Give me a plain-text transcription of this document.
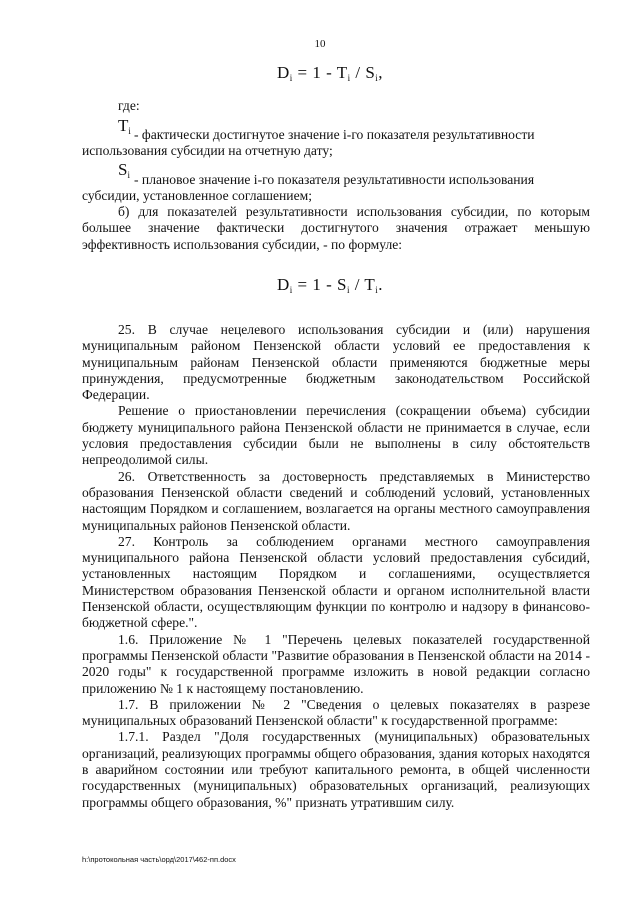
10
$D_i = 1 - T_i / S_i$,
где:
$T_i$ - фактически достигнутое значение i-го показателя результативности

использования субсидии на отчетную дату;

$S_i$ - плановое значение i-го показателя результативности использования

субсидии, установленное соглашением;

б) для показателей результативности использования субсидии, по которым большее значение фактически достигнутого значения отражает меньшую эффективность использования субсидии, - по формуле:

$D_i = 1 - S_i / T_i$.

25. В случае нецелевого использования субсидии и (или) нарушения муниципальным районом Пензенской области условий ее предоставления к муниципальным районам Пензенской области применяются бюджетные меры принуждения, предусмотренные бюджетным законодательством Российской Федерации.

Решение о приостановлении перечисления (сокращении объема) субсидии бюджету муниципального района Пензенской области не принимается в случае, если условия предоставления субсидии были не выполнены в силу обстоятельств непреодолимой силы.

26. Ответственность за достоверность представляемых в Министерство образования Пензенской области сведений и соблюдений условий, установленных настоящим Порядком и соглашением, возлагается на органы местного самоуправления муниципальных районов Пензенской области.

27. Контроль за соблюдением органами местного самоуправления муниципального района Пензенской области условий предоставления субсидий, установленных настоящим Порядком и соглашениями, осуществляется Министерством образования Пензенской области и органом исполнительной власти Пензенской области, осуществляющим функции по контролю и надзору в финансово-бюджетной сфере.".

1.6. Приложение № 1 "Перечень целевых показателей государственной программы Пензенской области "Развитие образования в Пензенской области на 2014 - 2020 годы" к государственной программе изложить в новой редакции согласно приложению № 1 к настоящему постановлению.

1.7. В приложении № 2 "Сведения о целевых показателях в разрезе муниципальных образований Пензенской области" к государственной программе:

1.7.1. Раздел "Доля государственных (муниципальных) образовательных организаций, реализующих программы общего образования, здания которых находятся в аварийном состоянии или требуют капитального ремонта, в общей численности государственных (муниципальных) образовательных организаций, реализующих программы общего образования, %" признать утратившим силу.

h:\протокольная часть\орд\2017\462-пп.docx
